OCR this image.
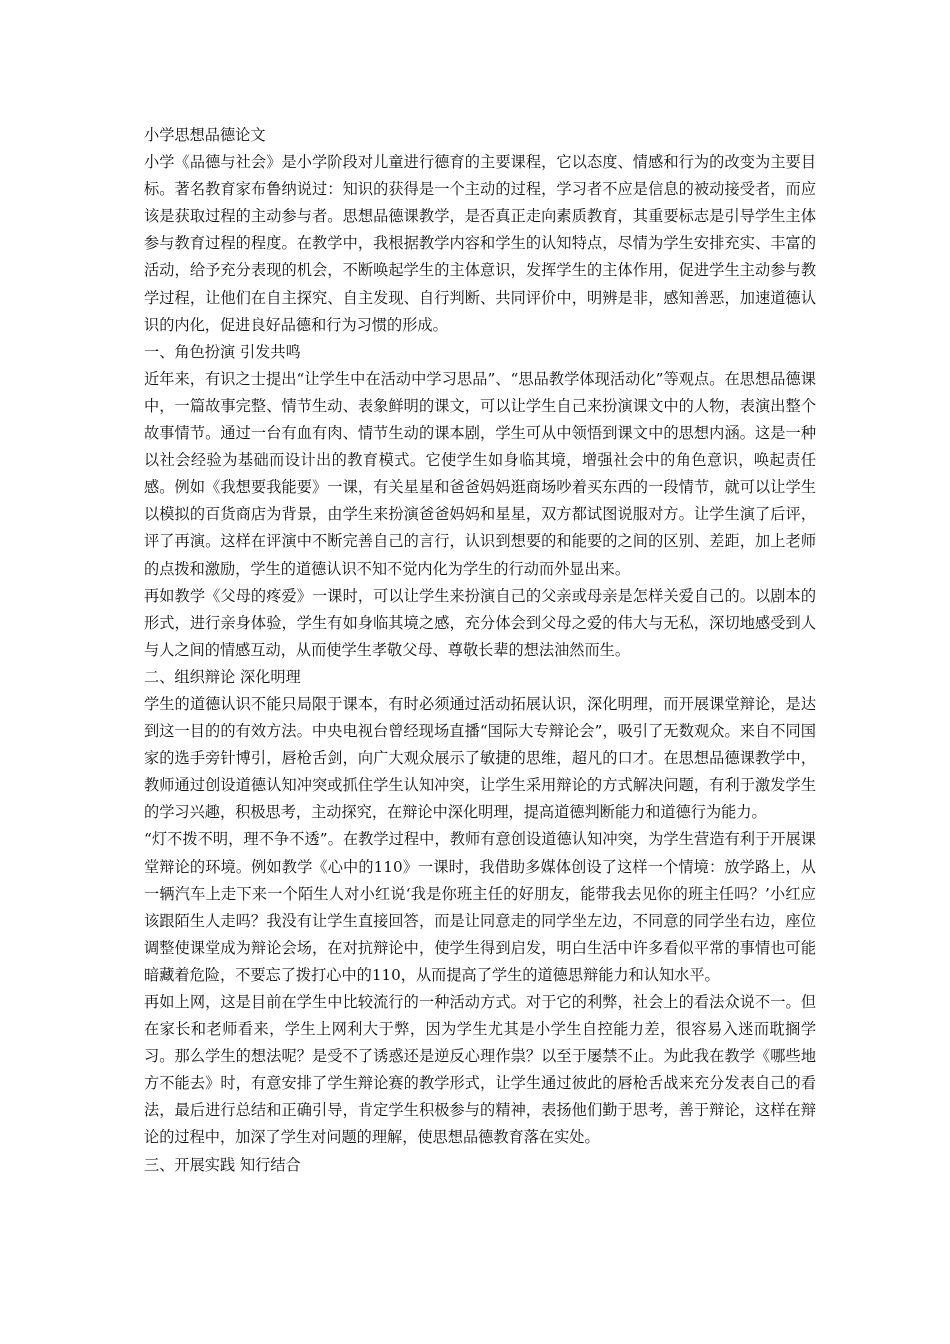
小学思想品德论文

小学《品德与社会》是小学阶段对儿童进行德育的主要课程，它以态度、情感和行为的改变为主要目标。著名教育家布鲁纳说过：知识的获得是一个主动的过程，学习者不应是信息的被动接受者，而应该是获取过程的主动参与者。思想品德课教学，是否真正走向素质教育，其重要标志是引导学生主体参与教育过程的程度。在教学中，我根据教学内容和学生的认知特点，尽情为学生安排充实、丰富的活动，给予充分表现的机会，不断唤起学生的主体意识，发挥学生的主体作用，促进学生主动参与教学过程，让他们在自主探究、自主发现、自行判断、共同评价中，明辨是非，感知善恶，加速道德认识的内化，促进良好品德和行为习惯的形成。

一、角色扮演 引发共鸣

近年来，有识之士提出“让学生中在活动中学习思品”、“思品教学体现活动化”等观点。在思想品德课中，一篇故事完整、情节生动、表象鲜明的课文，可以让学生自己来扮演课文中的人物，表演出整个故事情节。通过一台有血有肉、情节生动的课本剧，学生可从中领悟到课文中的思想内涵。这是一种以社会经验为基础而设计出的教育模式。它使学生如身临其境，增强社会中的角色意识，唤起责任感。例如《我想要我能要》一课，有关星星和爸爸妈妈逛商场吵着买东西的一段情节，就可以让学生以模拟的百货商店为背景，由学生来扮演爸爸妈妈和星星，双方都试图说服对方。让学生演了后评，评了再演。这样在评演中不断完善自己的言行，认识到想要的和能要的之间的区别、差距，加上老师的点拨和激励，学生的道德认识不知不觉内化为学生的行动而外显出来。

再如教学《父母的疼爱》一课时，可以让学生来扮演自己的父亲或母亲是怎样关爱自己的。以剧本的形式，进行亲身体验，学生有如身临其境之感，充分体会到父母之爱的伟大与无私，深切地感受到人与人之间的情感互动，从而使学生孝敬父母、尊敬长辈的想法油然而生。

二、组织辩论 深化明理

学生的道德认识不能只局限于课本，有时必须通过活动拓展认识，深化明理，而开展课堂辩论，是达到这一目的的有效方法。中央电视台曾经现场直播“国际大专辩论会”，吸引了无数观众。来自不同国家的选手旁针博引，唇枪舌剑，向广大观众展示了敏捷的思维，超凡的口才。在思想品德课教学中，教师通过创设道德认知冲突或抓住学生认知冲突，让学生采用辩论的方式解决问题，有利于激发学生的学习兴趣，积极思考，主动探究，在辩论中深化明理，提高道德判断能力和道德行为能力。

“灯不拨不明，理不争不透”。在教学过程中，教师有意创设道德认知冲突，为学生营造有利于开展课堂辩论的环境。例如教学《心中的110》一课时，我借助多媒体创设了这样一个情境：放学路上，从一辆汽车上走下来一个陌生人对小红说‘我是你班主任的好朋友，能带我去见你的班主任吗？’小红应该跟陌生人走吗？我没有让学生直接回答，而是让同意走的同学坐左边，不同意的同学坐右边，座位调整使课堂成为辩论会场，在对抗辩论中，使学生得到启发，明白生活中许多看似平常的事情也可能暗藏着危险，不要忘了拨打心中的110，从而提高了学生的道德思辩能力和认知水平。

再如上网，这是目前在学生中比较流行的一种活动方式。对于它的利弊，社会上的看法众说不一。但在家长和老师看来，学生上网利大于弊，因为学生尤其是小学生自控能力差，很容易入迷而耽搁学习。那么学生的想法呢？是受不了诱惑还是逆反心理作祟？以至于屡禁不止。为此我在教学《哪些地方不能去》时，有意安排了学生辩论赛的教学形式，让学生通过彼此的唇枪舌战来充分发表自己的看法，最后进行总结和正确引导，肯定学生积极参与的精神，表扬他们勤于思考，善于辩论，这样在辩论的过程中，加深了学生对问题的理解，使思想品德教育落在实处。

三、开展实践 知行结合
